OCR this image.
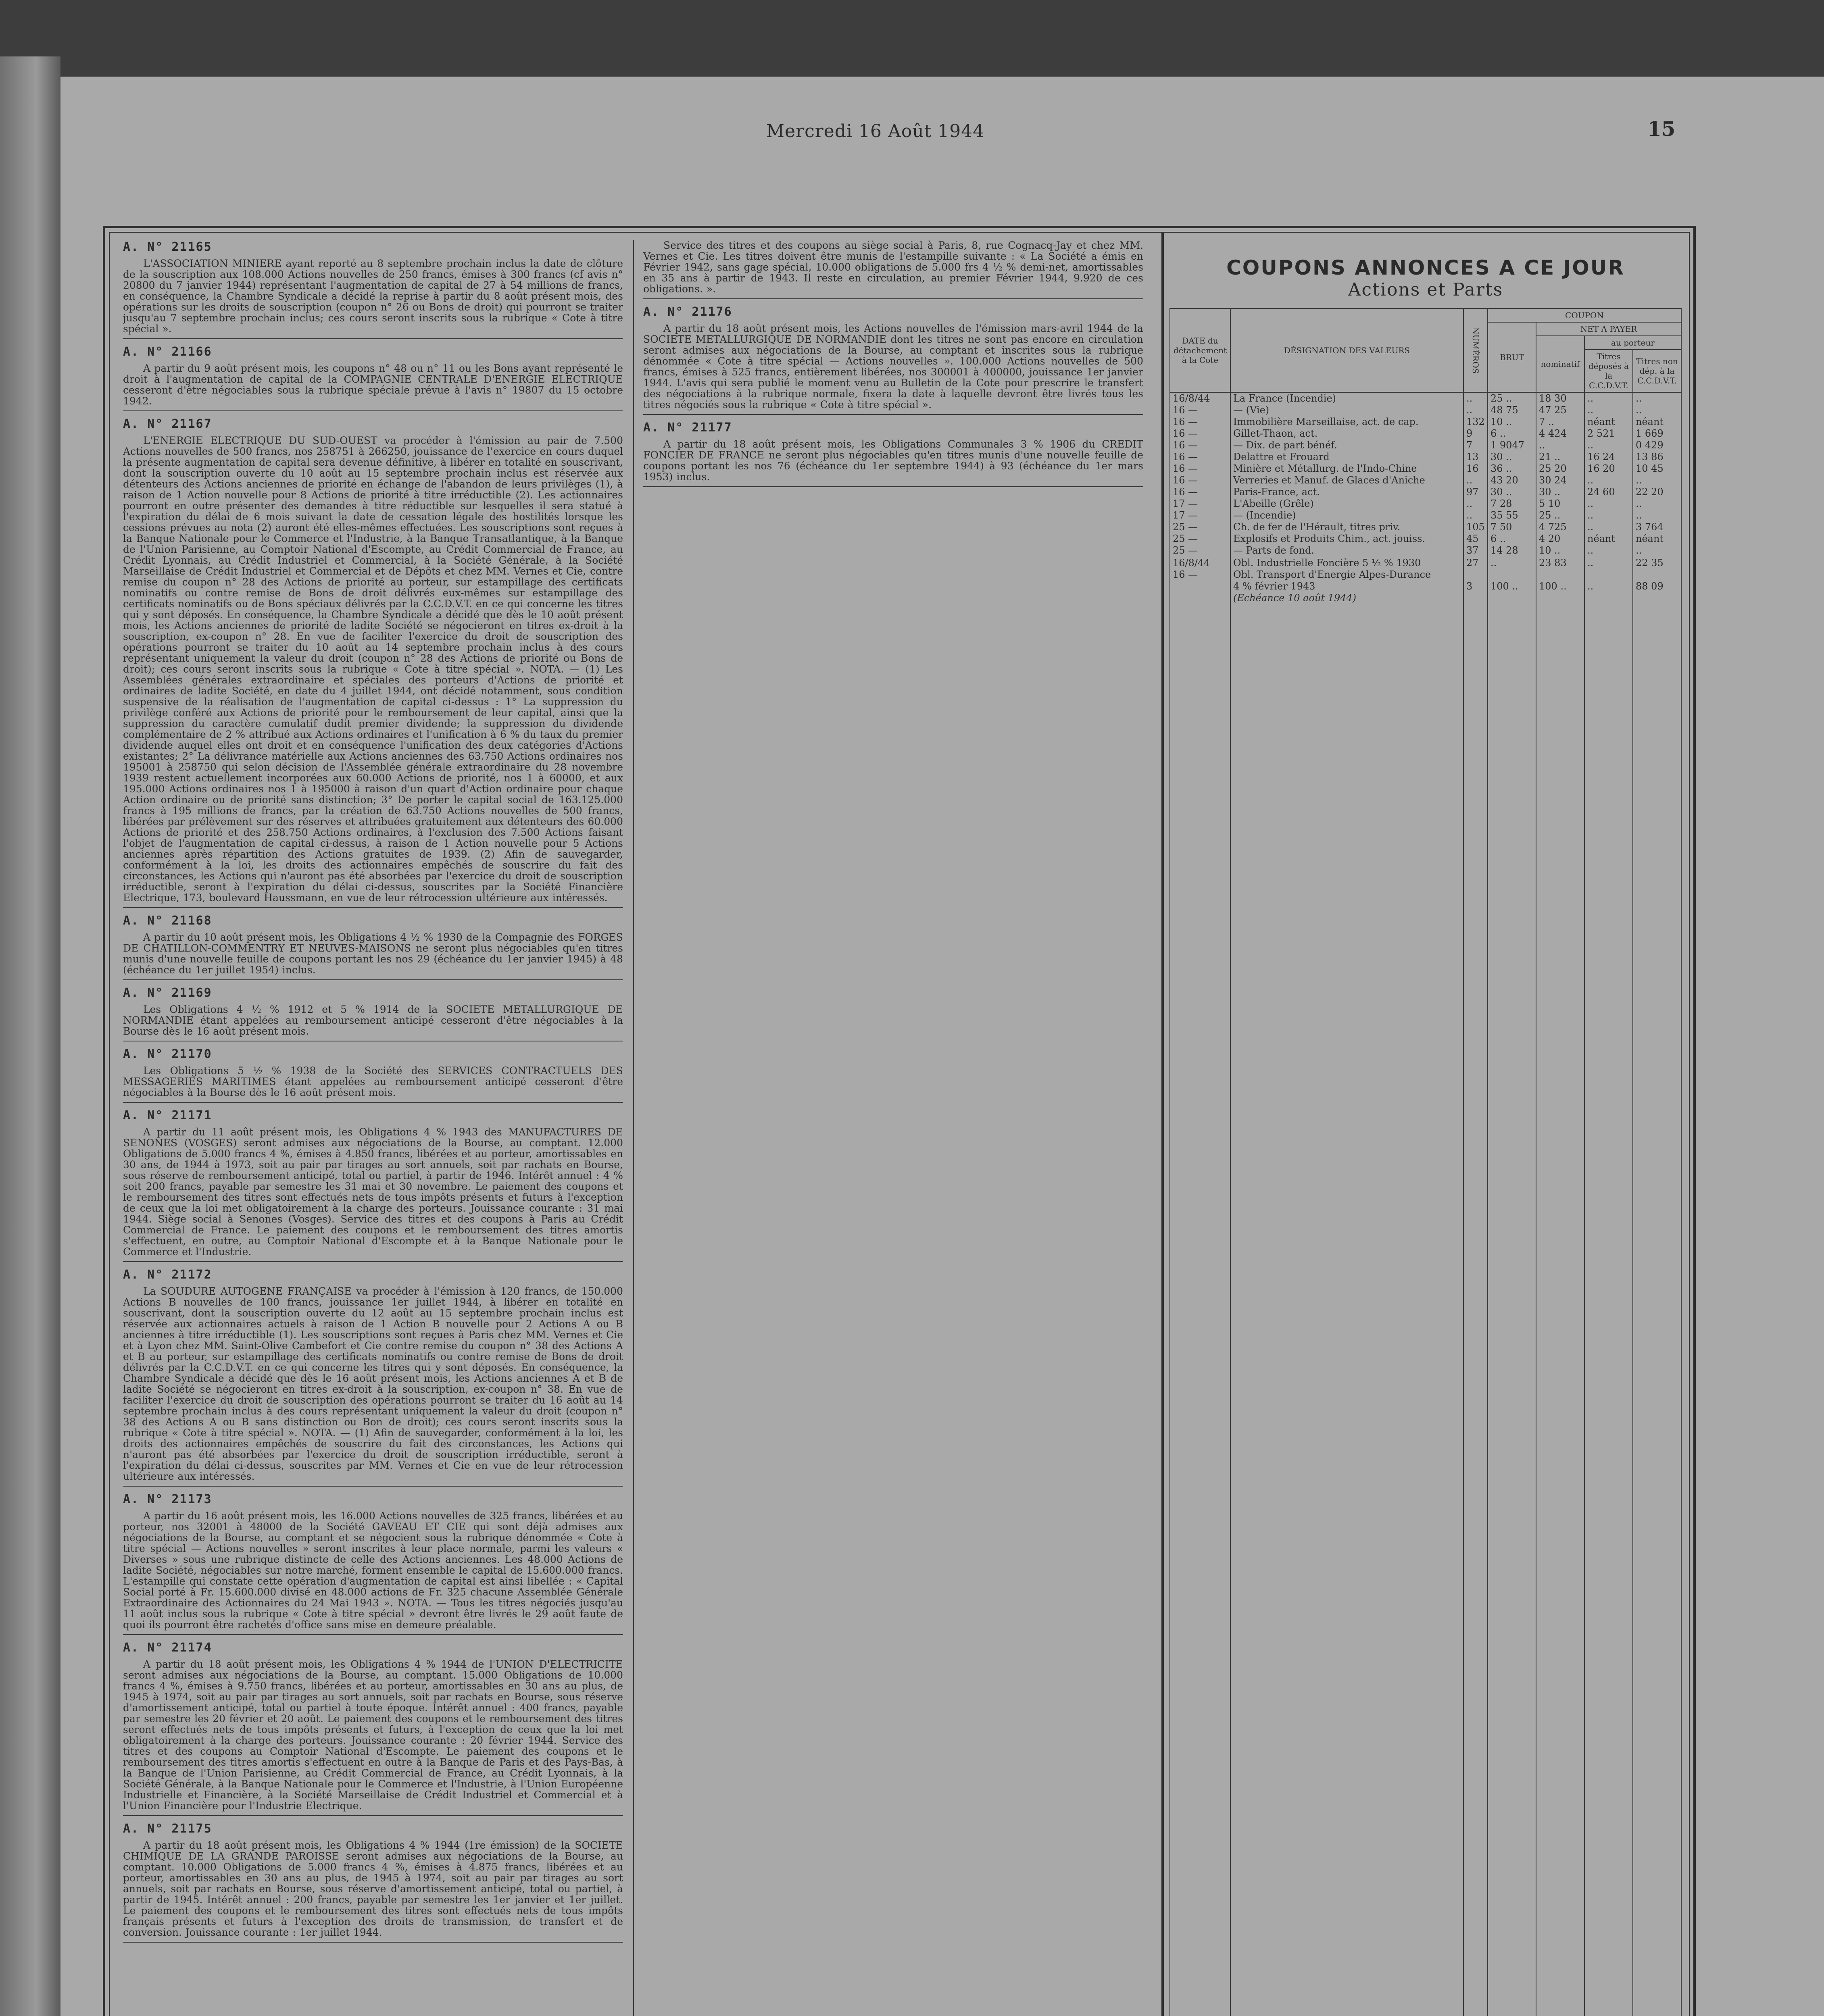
Mercredi 16 Août 1944	15
A. N° 21165

L'ASSOCIATION MINIERE ayant reporté au 8 septembre prochain inclus la date de clôture de la souscription aux 108.000 Actions nouvelles de 250 francs, émises à 300 francs (cf avis n° 20800 du 7 janvier 1944) représentant l'augmentation de capital de 27 à 54 millions de francs, en conséquence, la Chambre Syndicale a décidé la reprise à partir du 8 août présent mois, des opérations sur les droits de souscription (coupon n° 26 ou Bons de droit) qui pourront se traiter jusqu'au 7 septembre prochain inclus; ces cours seront inscrits sous la rubrique « Cote à titre spécial ».

A. N° 21166

A partir du 9 août présent mois, les coupons n° 48 ou n° 11 ou les Bons ayant représenté le droit à l'augmentation de capital de la COMPAGNIE CENTRALE D'ENERGIE ELECTRIQUE cesseront d'être négociables sous la rubrique spéciale prévue à l'avis n° 19807 du 15 octobre 1942.

A. N° 21167

L'ENERGIE ELECTRIQUE DU SUD-OUEST va procéder à l'émission au pair de 7.500 Actions nouvelles de 500 francs, nos 258751 à 266250, jouissance de l'exercice en cours duquel la présente augmentation de capital sera devenue définitive, à libérer en totalité en souscrivant, dont la souscription ouverte du 10 août au 15 septembre prochain inclus est réservée aux détenteurs des Actions anciennes de priorité en échange de l'abandon de leurs privilèges (1), à raison de 1 Action nouvelle pour 8 Actions de priorité à titre irréductible (2). Les actionnaires pourront en outre présenter des demandes à titre réductible sur lesquelles il sera statué à l'expiration du délai de 6 mois suivant la date de cessation légale des hostilités lorsque les cessions prévues au nota (2) auront été elles-mêmes effectuées. Les souscriptions sont reçues à la Banque Nationale pour le Commerce et l'Industrie, à la Banque Transatlantique, à la Banque de l'Union Parisienne, au Comptoir National d'Escompte, au Crédit Commercial de France, au Crédit Lyonnais, au Crédit Industriel et Commercial, à la Société Générale, à la Société Marseillaise de Crédit Industriel et Commercial et de Dépôts et chez MM. Vernes et Cie, contre remise du coupon n° 28 des Actions de priorité au porteur, sur estampillage des certificats nominatifs ou contre remise de Bons de droit délivrés eux-mêmes sur estampillage des certificats nominatifs ou de Bons spéciaux délivrés par la C.C.D.V.T. en ce qui concerne les titres qui y sont déposés. En conséquence, la Chambre Syndicale a décidé que dès le 10 août présent mois, les Actions anciennes de priorité de ladite Société se négocieront en titres ex-droit à la souscription, ex-coupon n° 28. En vue de faciliter l'exercice du droit de souscription des opérations pourront se traiter du 10 août au 14 septembre prochain inclus à des cours représentant uniquement la valeur du droit (coupon n° 28 des Actions de priorité ou Bons de droit); ces cours seront inscrits sous la rubrique « Cote à titre spécial ». NOTA. — (1) Les Assemblées générales extraordinaire et spéciales des porteurs d'Actions de priorité et ordinaires de ladite Société, en date du 4 juillet 1944, ont décidé notamment, sous condition suspensive de la réalisation de l'augmentation de capital ci-dessus : 1° La suppression du privilège conféré aux Actions de priorité pour le remboursement de leur capital, ainsi que la suppression du caractère cumulatif dudit premier dividende; la suppression du dividende complémentaire de 2 % attribué aux Actions ordinaires et l'unification à 6 % du taux du premier dividende auquel elles ont droit et en conséquence l'unification des deux catégories d'Actions existantes; 2° La délivrance matérielle aux Actions anciennes des 63.750 Actions ordinaires nos 195001 à 258750 qui selon décision de l'Assemblée générale extraordinaire du 28 novembre 1939 restent actuellement incorporées aux 60.000 Actions de priorité, nos 1 à 60000, et aux 195.000 Actions ordinaires nos 1 à 195000 à raison d'un quart d'Action ordinaire pour chaque Action ordinaire ou de priorité sans distinction; 3° De porter le capital social de 163.125.000 francs à 195 millions de francs, par la création de 63.750 Actions nouvelles de 500 francs, libérées par prélèvement sur des réserves et attribuées gratuitement aux détenteurs des 60.000 Actions de priorité et des 258.750 Actions ordinaires, à l'exclusion des 7.500 Actions faisant l'objet de l'augmentation de capital ci-dessus, à raison de 1 Action nouvelle pour 5 Actions anciennes après répartition des Actions gratuites de 1939. (2) Afin de sauvegarder, conformément à la loi, les droits des actionnaires empêchés de souscrire du fait des circonstances, les Actions qui n'auront pas été absorbées par l'exercice du droit de souscription irréductible, seront à l'expiration du délai ci-dessus, souscrites par la Société Financière Electrique, 173, boulevard Haussmann, en vue de leur rétrocession ultérieure aux intéressés.

A. N° 21168

A partir du 10 août présent mois, les Obligations 4 ½ % 1930 de la Compagnie des FORGES DE CHATILLON-COMMENTRY ET NEUVES-MAISONS ne seront plus négociables qu'en titres munis d'une nouvelle feuille de coupons portant les nos 29 (échéance du 1er janvier 1945) à 48 (échéance du 1er juillet 1954) inclus.

A. N° 21169

Les Obligations 4 ½ % 1912 et 5 % 1914 de la SOCIETE METALLURGIQUE DE NORMANDIE étant appelées au remboursement anticipé cesseront d'être négociables à la Bourse dès le 16 août présent mois.

A. N° 21170

Les Obligations 5 ½ % 1938 de la Société des SERVICES CONTRACTUELS DES MESSAGERIES MARITIMES étant appelées au remboursement anticipé cesseront d'être négociables à la Bourse dès le 16 août présent mois.

A. N° 21171

A partir du 11 août présent mois, les Obligations 4 % 1943 des MANUFACTURES DE SENONES (VOSGES) seront admises aux négociations de la Bourse, au comptant. 12.000 Obligations de 5.000 francs 4 %, émises à 4.850 francs, libérées et au porteur, amortissables en 30 ans, de 1944 à 1973, soit au pair par tirages au sort annuels, soit par rachats en Bourse, sous réserve de remboursement anticipé, total ou partiel, à partir de 1946. Intérêt annuel : 4 % soit 200 francs, payable par semestre les 31 mai et 30 novembre. Le paiement des coupons et le remboursement des titres sont effectués nets de tous impôts présents et futurs à l'exception de ceux que la loi met obligatoirement à la charge des porteurs. Jouissance courante : 31 mai 1944. Siège social à Senones (Vosges). Service des titres et des coupons à Paris au Crédit Commercial de France. Le paiement des coupons et le remboursement des titres amortis s'effectuent, en outre, au Comptoir National d'Escompte et à la Banque Nationale pour le Commerce et l'Industrie.

A. N° 21172

La SOUDURE AUTOGENE FRANÇAISE va procéder à l'émission à 120 francs, de 150.000 Actions B nouvelles de 100 francs, jouissance 1er juillet 1944, à libérer en totalité en souscrivant, dont la souscription ouverte du 12 août au 15 septembre prochain inclus est réservée aux actionnaires actuels à raison de 1 Action B nouvelle pour 2 Actions A ou B anciennes à titre irréductible (1). Les souscriptions sont reçues à Paris chez MM. Vernes et Cie et à Lyon chez MM. Saint-Olive Cambefort et Cie contre remise du coupon n° 38 des Actions A et B au porteur, sur estampillage des certificats nominatifs ou contre remise de Bons de droit délivrés par la C.C.D.V.T. en ce qui concerne les titres qui y sont déposés. En conséquence, la Chambre Syndicale a décidé que dès le 16 août présent mois, les Actions anciennes A et B de ladite Société se négocieront en titres ex-droit à la souscription, ex-coupon n° 38. En vue de faciliter l'exercice du droit de souscription des opérations pourront se traiter du 16 août au 14 septembre prochain inclus à des cours représentant uniquement la valeur du droit (coupon n° 38 des Actions A ou B sans distinction ou Bon de droit); ces cours seront inscrits sous la rubrique « Cote à titre spécial ». NOTA. — (1) Afin de sauvegarder, conformément à la loi, les droits des actionnaires empêchés de souscrire du fait des circonstances, les Actions qui n'auront pas été absorbées par l'exercice du droit de souscription irréductible, seront à l'expiration du délai ci-dessus, souscrites par MM. Vernes et Cie en vue de leur rétrocession ultérieure aux intéressés.

A. N° 21173

A partir du 16 août présent mois, les 16.000 Actions nouvelles de 325 francs, libérées et au porteur, nos 32001 à 48000 de la Société GAVEAU ET CIE qui sont déjà admises aux négociations de la Bourse, au comptant et se négocient sous la rubrique dénommée « Cote à titre spécial — Actions nouvelles » seront inscrites à leur place normale, parmi les valeurs « Diverses » sous une rubrique distincte de celle des Actions anciennes. Les 48.000 Actions de ladite Société, négociables sur notre marché, forment ensemble le capital de 15.600.000 francs. L'estampille qui constate cette opération d'augmentation de capital est ainsi libellée : « Capital Social porté à Fr. 15.600.000 divisé en 48.000 actions de Fr. 325 chacune Assemblée Générale Extraordinaire des Actionnaires du 24 Mai 1943 ». NOTA. — Tous les titres négociés jusqu'au 11 août inclus sous la rubrique « Cote à titre spécial » devront être livrés le 29 août faute de quoi ils pourront être rachetés d'office sans mise en demeure préalable.

A. N° 21174

A partir du 18 août présent mois, les Obligations 4 % 1944 de l'UNION D'ELECTRICITE seront admises aux négociations de la Bourse, au comptant. 15.000 Obligations de 10.000 francs 4 %, émises à 9.750 francs, libérées et au porteur, amortissables en 30 ans au plus, de 1945 à 1974, soit au pair par tirages au sort annuels, soit par rachats en Bourse, sous réserve d'amortissement anticipé, total ou partiel à toute époque. Intérêt annuel : 400 francs, payable par semestre les 20 février et 20 août. Le paiement des coupons et le remboursement des titres seront effectués nets de tous impôts présents et futurs, à l'exception de ceux que la loi met obligatoirement à la charge des porteurs. Jouissance courante : 20 février 1944. Service des titres et des coupons au Comptoir National d'Escompte. Le paiement des coupons et le remboursement des titres amortis s'effectuent en outre à la Banque de Paris et des Pays-Bas, à la Banque de l'Union Parisienne, au Crédit Commercial de France, au Crédit Lyonnais, à la Société Générale, à la Banque Nationale pour le Commerce et l'Industrie, à l'Union Européenne Industrielle et Financière, à la Société Marseillaise de Crédit Industriel et Commercial et à l'Union Financière pour l'Industrie Electrique.

A. N° 21175

A partir du 18 août présent mois, les Obligations 4 % 1944 (1re émission) de la SOCIETE CHIMIQUE DE LA GRANDE PAROISSE seront admises aux négociations de la Bourse, au comptant. 10.000 Obligations de 5.000 francs 4 %, émises à 4.875 francs, libérées et au porteur, amortissables en 30 ans au plus, de 1945 à 1974, soit au pair par tirages au sort annuels, soit par rachats en Bourse, sous réserve d'amortissement anticipé, total ou partiel, à partir de 1945. Intérêt annuel : 200 francs, payable par semestre les 1er janvier et 1er juillet. Le paiement des coupons et le remboursement des titres sont effectués nets de tous impôts français présents et futurs à l'exception des droits de transmission, de transfert et de conversion. Jouissance courante : 1er juillet 1944.

Service des titres et des coupons au siège social à Paris, 8, rue Cognacq-Jay et chez MM. Vernes et Cie. Les titres doivent être munis de l'estampille suivante : « La Société a émis en Février 1942, sans gage spécial, 10.000 obligations de 5.000 frs 4 ½ % demi-net, amortissables en 35 ans à partir de 1943. Il reste en circulation, au premier Février 1944, 9.920 de ces obligations. ».

A. N° 21176

A partir du 18 août présent mois, les Actions nouvelles de l'émission mars-avril 1944 de la SOCIETE METALLURGIQUE DE NORMANDIE dont les titres ne sont pas encore en circulation seront admises aux négociations de la Bourse, au comptant et inscrites sous la rubrique dénommée « Cote à titre spécial — Actions nouvelles ». 100.000 Actions nouvelles de 500 francs, émises à 525 francs, entièrement libérées, nos 300001 à 400000, jouissance 1er janvier 1944. L'avis qui sera publié le moment venu au Bulletin de la Cote pour prescrire le transfert des négociations à la rubrique normale, fixera la date à laquelle devront être livrés tous les titres négociés sous la rubrique « Cote à titre spécial ».

A. N° 21177

A partir du 18 août présent mois, les Obligations Communales 3 % 1906 du CREDIT FONCIER DE FRANCE ne seront plus négociables qu'en titres munis d'une nouvelle feuille de coupons portant les nos 76 (échéance du 1er septembre 1944) à 93 (échéance du 1er mars 1953) inclus.

COUPONS ANNONCES A CE JOUR
Actions et Parts
DATE du détachement à la Cote	DÉSIGNATION DES VALEURS	NUMÉROS	COUPON			
			BRUT	NET A PAYER		
				nominatif	au porteur	
					Titres déposés à la C.C.D.V.T.	Titres non dép. à la C.C.D.V.T.
16/8/44	La France (Incendie)	..	25 ..	18 30	..	..
16 —	— (Vie)	..	48 75	47 25	..	..
16 —	Immobilière Marseillaise, act. de cap.	132	10 ..	7 ..	néant	néant
16 —	Gillet-Thaon, act.	9	6 ..	4 424	2 521	1 669
16 —	— Dix. de part bénéf.	7	1 9047	..	..	0 429
16 —	Delattre et Frouard	13	30 ..	21 ..	16 24	13 86
16 —	Minière et Métallurg. de l'Indo-Chine	16	36 ..	25 20	16 20	10 45
16 —	Verreries et Manuf. de Glaces d'Aniche	..	43 20	30 24	..	..
16 —	Paris-France, act.	97	30 ..	30 ..	24 60	22 20
17 —	L'Abeille (Grêle)	..	7 28	5 10	..	..
17 —	— (Incendie)	..	35 55	25 ..	..	..
25 —	Ch. de fer de l'Hérault, titres priv.	105	7 50	4 725	..	3 764
25 —	Explosifs et Produits Chim., act. jouiss.	45	6 ..	4 20	néant	néant
25 —	— Parts de fond.	37	14 28	10 ..	..	..

16/8/44	Obl. Industrielle Foncière 5 ½ % 1930	27	..	23 83	..	22 35
16 —	Obl. Transport d'Energie Alpes-Durance					
	4 % février 1943	3	100 ..	100 ..	..	88 09
	(Echéance 10 août 1944)					
